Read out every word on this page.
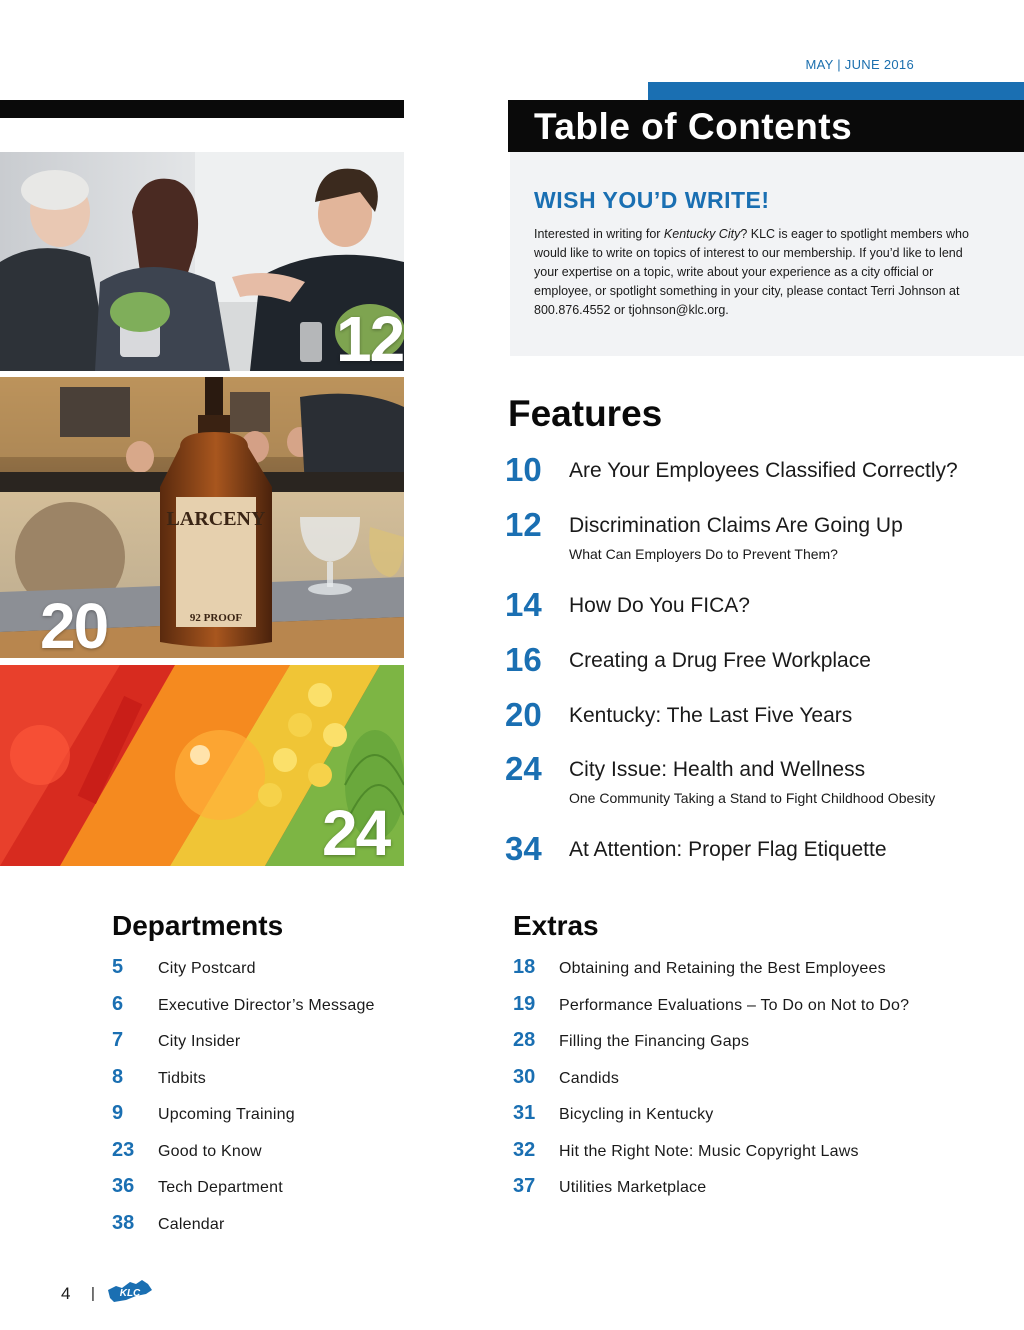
MAY | JUNE 2016
Table of Contents
WISH YOU’D WRITE!
Interested in writing for Kentucky City? KLC is eager to spotlight members who would like to write on topics of interest to our membership. If you’d like to lend your expertise on a topic, write about your experience as a city official or employee, or spotlight something in your city, please contact Terri Johnson at 800.876.4552 or tjohnson@klc.org.
12
LARCENY
92 PROOF
20
24
Features
10 Are Your Employees Classified Correctly?
12 Discrimination Claims Are Going Up
What Can Employers Do to Prevent Them?
14 How Do You FICA?
16 Creating a Drug Free Workplace
20 Kentucky: The Last Five Years
24 City Issue: Health and Wellness
One Community Taking a Stand to Fight Childhood Obesity
34 At Attention: Proper Flag Etiquette
Departments
5 City Postcard
6 Executive Director’s Message
7 City Insider
8 Tidbits
9 Upcoming Training
23 Good to Know
36 Tech Department
38 Calendar
Extras
18 Obtaining and Retaining the Best Employees
19 Performance Evaluations – To Do on Not to Do?
28 Filling the Financing Gaps
30 Candids
31 Bicycling in Kentucky
32 Hit the Right Note: Music Copyright Laws
37 Utilities Marketplace
4 | KLC
